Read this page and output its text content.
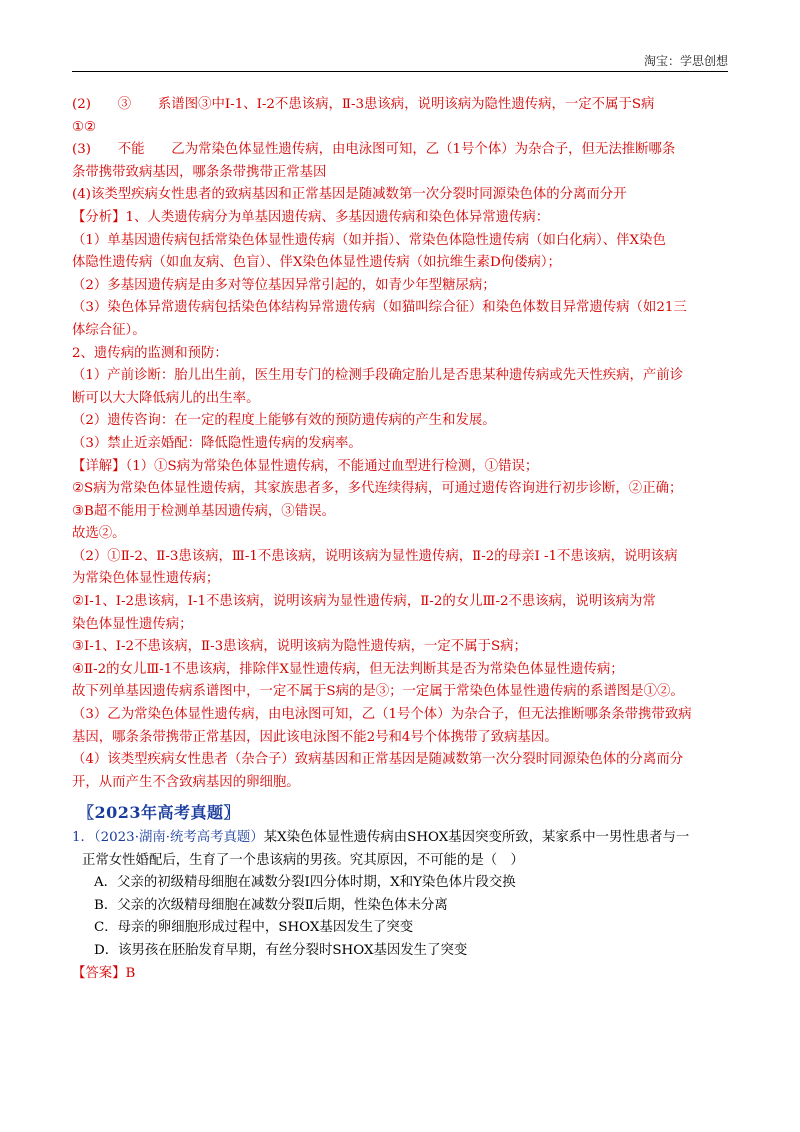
淘宝：学思创想
(2)　　③　　系谱图③中Ⅰ-1、Ⅰ-2不患该病，Ⅱ-3患该病，说明该病为隐性遗传病，一定不属于S病
①②
(3)　　不能　　乙为常染色体显性遗传病，由电泳图可知，乙（1号个体）为杂合子，但无法推断哪条
条带携带致病基因，哪条条带携带正常基因
(4)该类型疾病女性患者的致病基因和正常基因是随减数第一次分裂时同源染色体的分离而分开
【分析】1、人类遗传病分为单基因遗传病、多基因遗传病和染色体异常遗传病：
（1）单基因遗传病包括常染色体显性遗传病（如并指）、常染色体隐性遗传病（如白化病）、伴X染色
体隐性遗传病（如血友病、色盲）、伴X染色体显性遗传病（如抗维生素D佝偻病）；
（2）多基因遗传病是由多对等位基因异常引起的，如青少年型糖尿病；
（3）染色体异常遗传病包括染色体结构异常遗传病（如猫叫综合征）和染色体数目异常遗传病（如21三
体综合征）。
2、遗传病的监测和预防：
（1）产前诊断：胎儿出生前，医生用专门的检测手段确定胎儿是否患某种遗传病或先天性疾病，产前诊
断可以大大降低病儿的出生率。
（2）遗传咨询：在一定的程度上能够有效的预防遗传病的产生和发展。
（3）禁止近亲婚配：降低隐性遗传病的发病率。
【详解】（1）①S病为常染色体显性遗传病，不能通过血型进行检测，①错误；
②S病为常染色体显性遗传病，其家族患者多，多代连续得病，可通过遗传咨询进行初步诊断，②正确；
③B超不能用于检测单基因遗传病，③错误。
故选②。
（2）①Ⅱ-2、Ⅱ-3患该病，Ⅲ-1不患该病，说明该病为显性遗传病，Ⅱ-2的母亲Ⅰ -1不患该病，说明该病
为常染色体显性遗传病；
②Ⅰ-1、Ⅰ-2患该病，Ⅰ-1不患该病，说明该病为显性遗传病，Ⅱ-2的女儿Ⅲ-2不患该病，说明该病为常
染色体显性遗传病；
③Ⅰ-1、Ⅰ-2不患该病，Ⅱ-3患该病，说明该病为隐性遗传病，一定不属于S病；
④Ⅱ-2的女儿Ⅲ-1不患该病，排除伴X显性遗传病，但无法判断其是否为常染色体显性遗传病；
故下列单基因遗传病系谱图中，一定不属于S病的是③；一定属于常染色体显性遗传病的系谱图是①②。
（3）乙为常染色体显性遗传病，由电泳图可知，乙（1号个体）为杂合子，但无法推断哪条条带携带致病
基因，哪条条带携带正常基因，因此该电泳图不能2号和4号个体携带了致病基因。
（4）该类型疾病女性患者（杂合子）致病基因和正常基因是随减数第一次分裂时同源染色体的分离而分
开，从而产生不含致病基因的卵细胞。
〖2023年高考真题〗
1．（2023·湖南·统考高考真题）某X染色体显性遗传病由SHOX基因突变所致，某家系中一男性患者与一
正常女性婚配后，生育了一个患该病的男孩。究其原因，不可能的是（　）
A．父亲的初级精母细胞在减数分裂Ⅰ四分体时期，X和Y染色体片段交换
B．父亲的次级精母细胞在减数分裂Ⅱ后期，性染色体未分离
C．母亲的卵细胞形成过程中，SHOX基因发生了突变
D．该男孩在胚胎发育早期，有丝分裂时SHOX基因发生了突变
【答案】B
